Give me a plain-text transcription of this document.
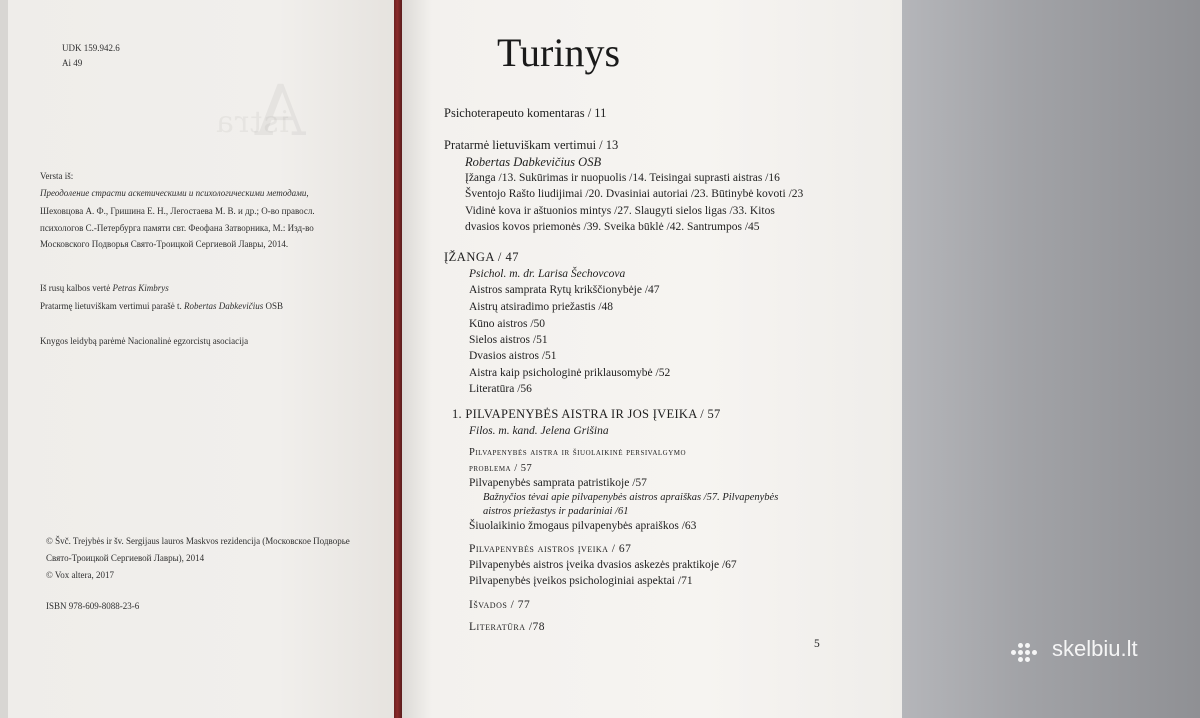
UDK 159.942.6
Ai 49
Versta iš:
Преодоление страсти аскетическими и психологическими методами,
Шеховцова А. Ф., Гришина Е. Н., Легостаева М. В. и др.; О-во правосл.
психологов С.-Петербурга памяти свт. Феофана Затворника, М.: Изд-во
Московского Подворья Свято-Троицкой Сергиевой Лавры, 2014.
Iš rusų kalbos vertė Petras Kimbrys
Pratarmę lietuviškam vertimui parašė t. Robertas Dabkevičius OSB
Knygos leidybą parėmė Nacionalinė egzorcistų asociacija
© Švč. Trejybės ir šv. Sergijaus lauros Maskvos rezidencija (Московское Подворье
Свято-Троицкой Сергиевой Лавры), 2014
© Vox altera, 2017
ISBN 978-609-8088-23-6
Turinys
Psichoterapeuto komentaras / 11
Pratarmė lietuviškam vertimui / 13
Robertas Dabkevičius OSB
Įžanga /13. Sukūrimas ir nuopuolis /14. Teisingai suprasti aistras /16
Šventojo Rašto liudijimai /20. Dvasiniai autoriai /23. Būtinybė kovoti /23
Vidinė kova ir aštuonios mintys /27. Slaugyti sielos ligas /33. Kitos
dvasios kovos priemonės /39. Sveika būklė /42. Santrumpos /45
ĮŽANGA / 47
Psichol. m. dr. Larisa Šechovcova
Aistros samprata Rytų krikščionybėje /47
Aistrų atsiradimo priežastis /48
Kūno aistros /50
Sielos aistros /51
Dvasios aistros /51
Aistra kaip psichologinė priklausomybė /52
Literatūra /56
1. PILVAPENYBĖS AISTRA IR JOS ĮVEIKA / 57
Filos. m. kand. Jelena Grišina
Pilvapenybės aistra ir šiuolaikinė persivalgymo
problema / 57
Pilvapenybės samprata patristikoje /57
Bažnyčios tėvai apie pilvapenybės aistros apraiškas /57. Pilvapenybės
aistros priežastys ir padariniai /61
Šiuolaikinio žmogaus pilvapenybės apraiškos /63
Pilvapenybės aistros įveika / 67
Pilvapenybės aistros įveika dvasios askezės praktikoje /67
Pilvapenybės įveikos psichologiniai aspektai /71
Išvados / 77
Literatūra /78
5	skelbiu.lt
